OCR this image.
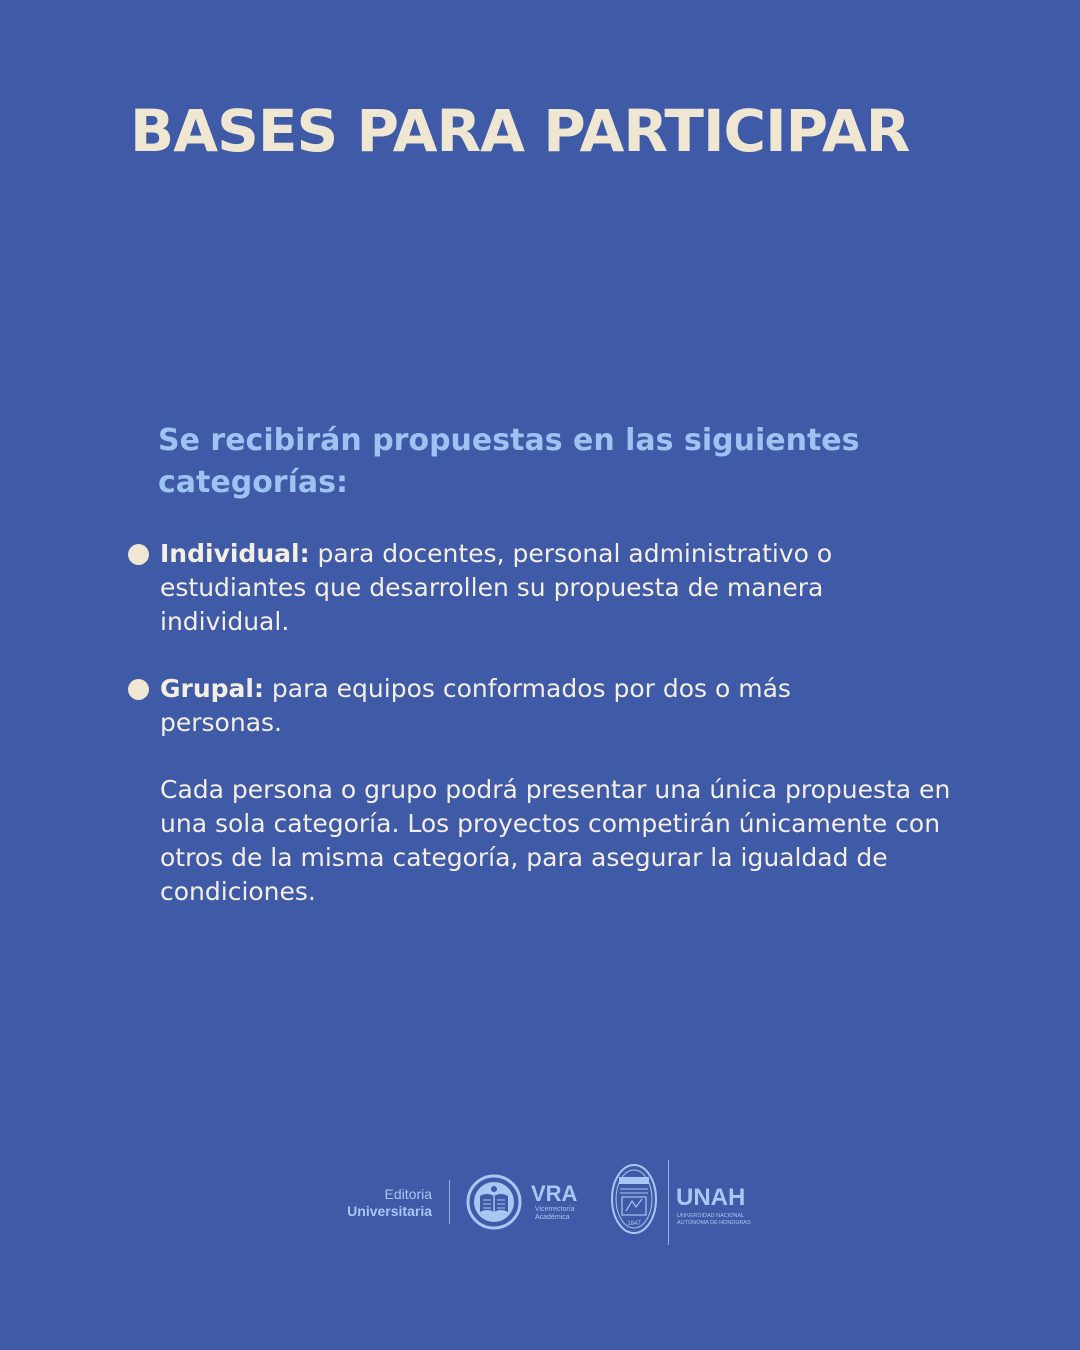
BASES PARA PARTICIPAR

Se recibirán propuestas en las siguientes categorías:

Individual: para docentes, personal administrativo o estudiantes que desarrollen su propuesta de manera individual.

Grupal: para equipos conformados por dos o más personas.

Cada persona o grupo podrá presentar una única propuesta en una sola categoría. Los proyectos competirán únicamente con otros de la misma categoría, para asegurar la igualdad de condiciones.

Editoria
Universitaria
VRA
Vicerrectoría
Académica
1847
UNAH
UNIVERSIDAD NACIONAL
AUTÓNOMA DE HONDURAS
